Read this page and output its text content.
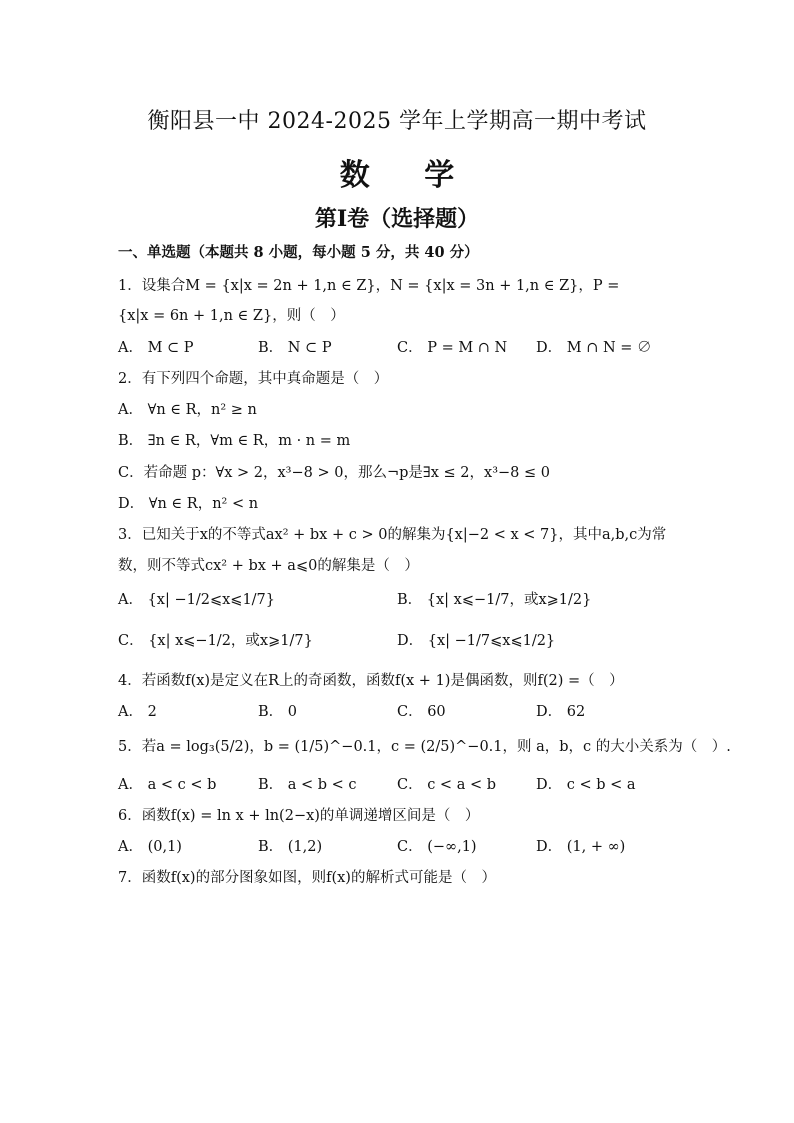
衡阳县一中 2024-2025 学年上学期高一期中考试
数 学
第Ⅰ卷（选择题）
一、单选题（本题共 8 小题，每小题 5 分，共 40 分）
1．设集合M = {x|x = 2n + 1,n ∈ Z}，N = {x|x = 3n + 1,n ∈ Z}，P =
{x|x = 6n + 1,n ∈ Z}，则（　）
A． M ⊂ P	B． N ⊂ P	C． P = M ∩ N D． M ∩ N = ∅
2．有下列四个命题，其中真命题是（　）
A． ∀n ∈ R，n² ≥ n
B． ∃n ∈ R，∀m ∈ R，m · n = m
C．若命题 p：∀x > 2，x³−8 > 0，那么¬p是∃x ≤ 2，x³−8 ≤ 0
D． ∀n ∈ R，n² < n
3．已知关于x的不等式ax² + bx + c > 0的解集为{x|−2 < x < 7}，其中a,b,c为常
数，则不等式cx² + bx + a⩽0的解集是（　）
A． {x| −1/2⩽x⩽1/7}	B． {x| x⩽−1/7，或x⩾1/2}
C． {x| x⩽−1/2，或x⩾1/7}	D． {x| −1/7⩽x⩽1/2}
4．若函数f(x)是定义在R上的奇函数，函数f(x + 1)是偶函数，则f(2) =（　）
A． 2	B． 0	C． 60	D． 62
5．若a = log₃(5/2)，b = (1/5)^−0.1，c = (2/5)^−0.1，则 a，b，c 的大小关系为（　）.
A． a < c < b	B． a < b < c	C． c < a < b	D． c < b < a
6．函数f(x) = ln x + ln(2−x)的单调递增区间是（　）
A． (0,1)	B． (1,2)	C． (−∞,1)	D． (1, + ∞)
7．函数f(x)的部分图象如图，则f(x)的解析式可能是（　）
